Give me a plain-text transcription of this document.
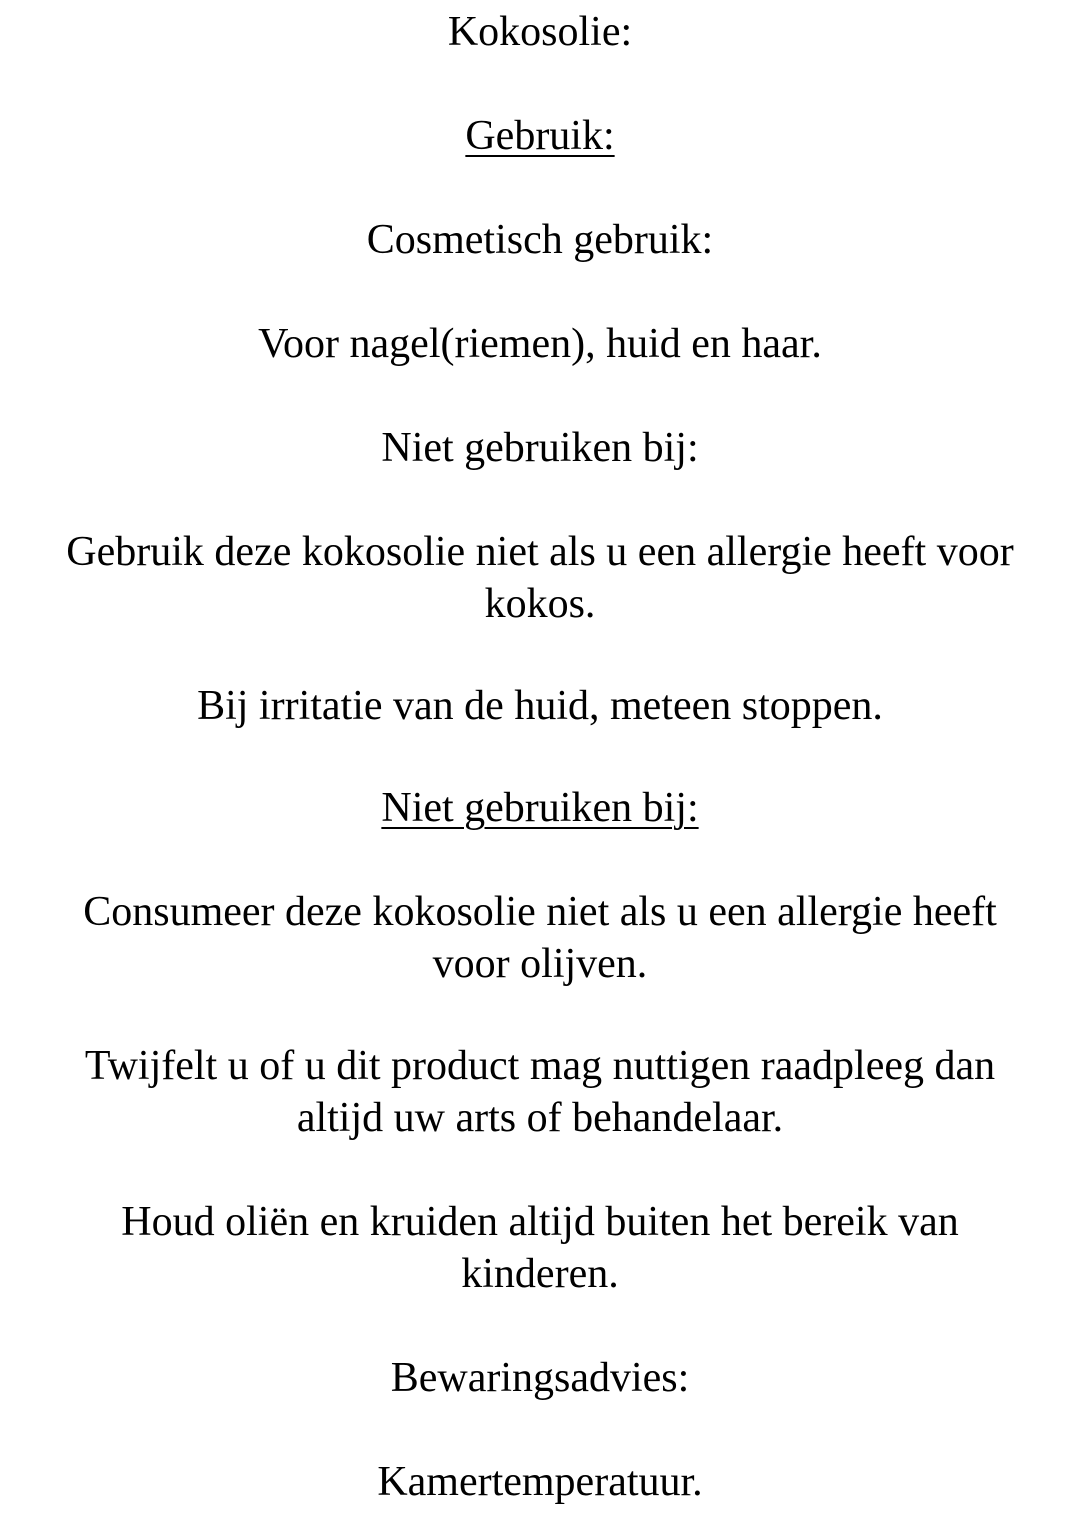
Kokosolie:

Gebruik:

Cosmetisch gebruik:

Voor nagel(riemen), huid en haar.

Niet gebruiken bij:

Gebruik deze kokosolie niet als u een allergie heeft voor

kokos.

Bij irritatie van de huid, meteen stoppen.

Niet gebruiken bij:

Consumeer deze kokosolie niet als u een allergie heeft

voor olijven.

Twijfelt u of u dit product mag nuttigen raadpleeg dan

altijd uw arts of behandelaar.

Houd oliën en kruiden altijd buiten het bereik van

kinderen.

Bewaringsadvies:

Kamertemperatuur.
